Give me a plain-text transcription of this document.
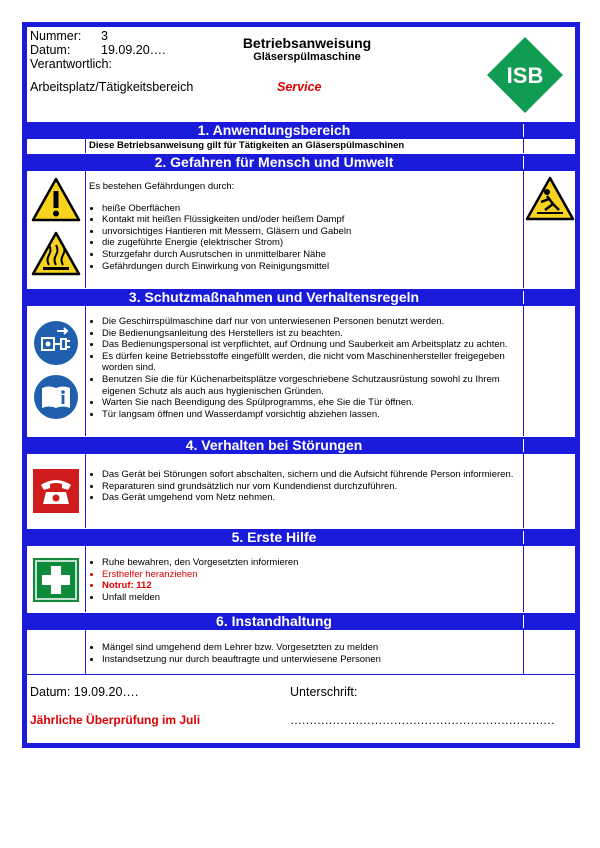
Nummer: 3
Datum: 19.09.20….
Verantwortlich:
Arbeitsplatz/Tätigkeitsbereich
Betriebsanweisung
Gläserspülmaschine
Service	ISB
1. Anwendungsbereich
Diese Betriebsanweisung gilt für Tätigkeiten an Gläserspülmaschinen
2. Gefahren für Mensch und Umwelt
Es bestehen Gefährdungen durch:
• heiße Oberflächen
• Kontakt mit heißen Flüssigkeiten und/oder heißem Dampf
• unvorsichtiges Hantieren mit Messern, Gläsern und Gabeln
• die zugeführte Energie (elektrischer Strom)
• Sturzgefahr durch Ausrutschen in unmittelbarer Nähe
• Gefährdungen durch Einwirkung von Reinigungsmittel
3. Schutzmaßnahmen und Verhaltensregeln
• Die Geschirrspülmaschine darf nur von unterwiesenen Personen benutzt werden.
• Die Bedienungsanleitung des Herstellers ist zu beachten.
• Das Bedienungspersonal ist verpflichtet, auf Ordnung und Sauberkeit am Arbeitsplatz zu achten.
• Es dürfen keine Betriebsstoffe eingefüllt werden, die nicht vom Maschinenhersteller freigegeben worden sind.
• Benutzen Sie die für Küchenarbeitsplätze vorgeschriebene Schutzausrüstung sowohl zu Ihrem eigenen Schutz als auch aus hygienischen Gründen.
• Warten Sie nach Beendigung des Spülprogramms, ehe Sie die Tür öffnen.
• Tür langsam öffnen und Wasserdampf vorsichtig abziehen lassen.
4. Verhalten bei Störungen
• Das Gerät bei Störungen sofort abschalten, sichern und die Aufsicht führende Person informieren.
• Reparaturen sind grundsätzlich nur vom Kundendienst durchzuführen.
• Das Gerät umgehend vom Netz nehmen.
5. Erste Hilfe
• Ruhe bewahren, den Vorgesetzten informieren
• Ersthelfer heranziehen
• Notruf: 112
• Unfall melden
6. Instandhaltung
• Mängel sind umgehend dem Lehrer bzw. Vorgesetzten zu melden
• Instandsetzung nur durch beauftragte und unterwiesene Personen
Datum: 19.09.20….	Unterschrift:
Jährliche Überprüfung im Juli	……………………………………………………………
